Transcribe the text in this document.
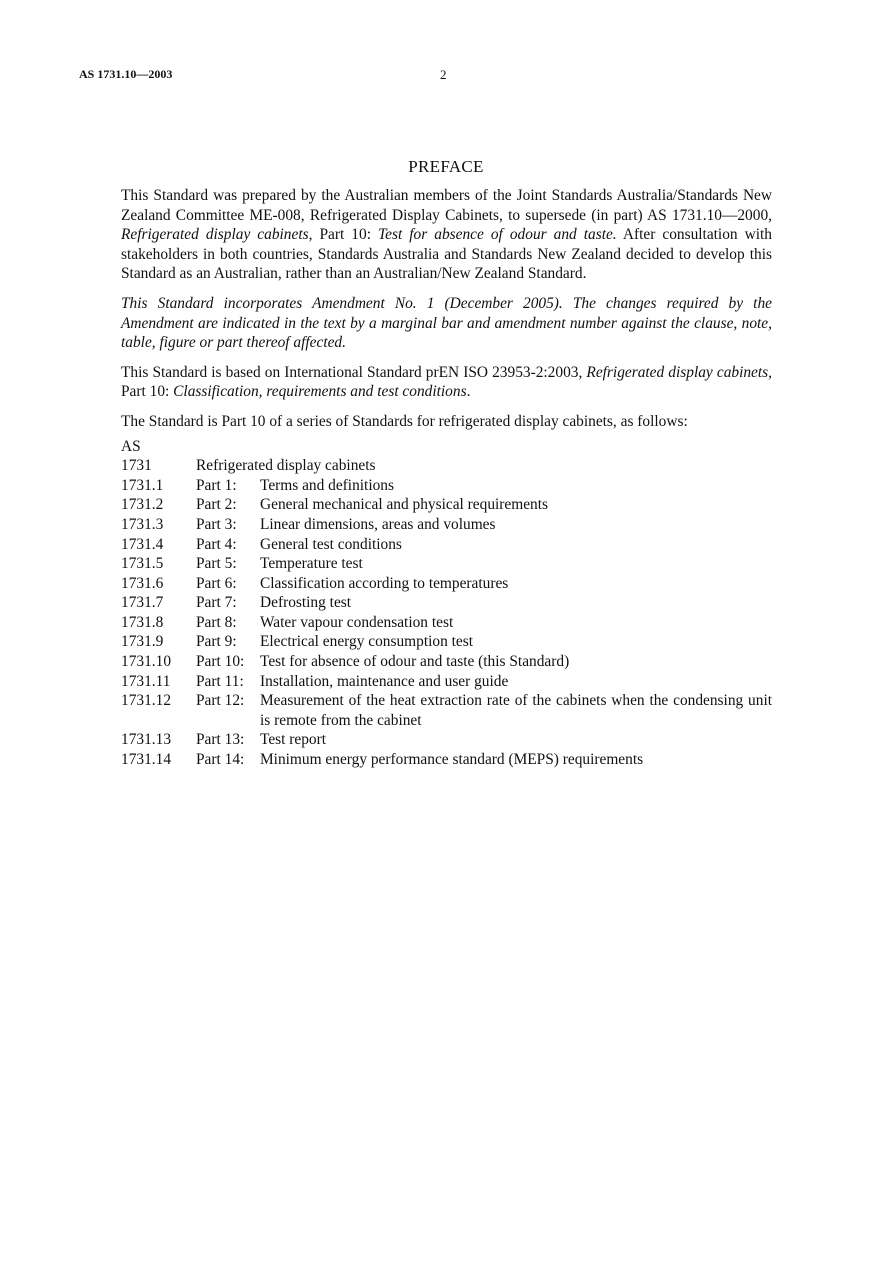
AS 1731.10—2003	2
PREFACE

This Standard was prepared by the Australian members of the Joint Standards Australia/Standards New Zealand Committee ME-008, Refrigerated Display Cabinets, to supersede (in part) AS 1731.10—2000, Refrigerated display cabinets, Part 10: Test for absence of odour and taste. After consultation with stakeholders in both countries, Standards Australia and Standards New Zealand decided to develop this Standard as an Australian, rather than an Australian/New Zealand Standard.

This Standard incorporates Amendment No. 1 (December 2005). The changes required by the Amendment are indicated in the text by a marginal bar and amendment number against the clause, note, table, figure or part thereof affected.

This Standard is based on International Standard prEN ISO 23953-2:2003, Refrigerated display cabinets, Part 10: Classification, requirements and test conditions.

The Standard is Part 10 of a series of Standards for refrigerated display cabinets, as follows:

AS
1731	Refrigerated display cabinets
1731.1	Part 1:	Terms and definitions
1731.2	Part 2:	General mechanical and physical requirements
1731.3	Part 3:	Linear dimensions, areas and volumes
1731.4	Part 4:	General test conditions
1731.5	Part 5:	Temperature test
1731.6	Part 6:	Classification according to temperatures
1731.7	Part 7:	Defrosting test
1731.8	Part 8:	Water vapour condensation test
1731.9	Part 9:	Electrical energy consumption test
1731.10	Part 10:	Test for absence of odour and taste (this Standard)
1731.11	Part 11:	Installation, maintenance and user guide
1731.12	Part 12:	Measurement of the heat extraction rate of the cabinets when the condensing unit is remote from the cabinet
1731.13	Part 13:	Test report
1731.14	Part 14:	Minimum energy performance standard (MEPS) requirements
